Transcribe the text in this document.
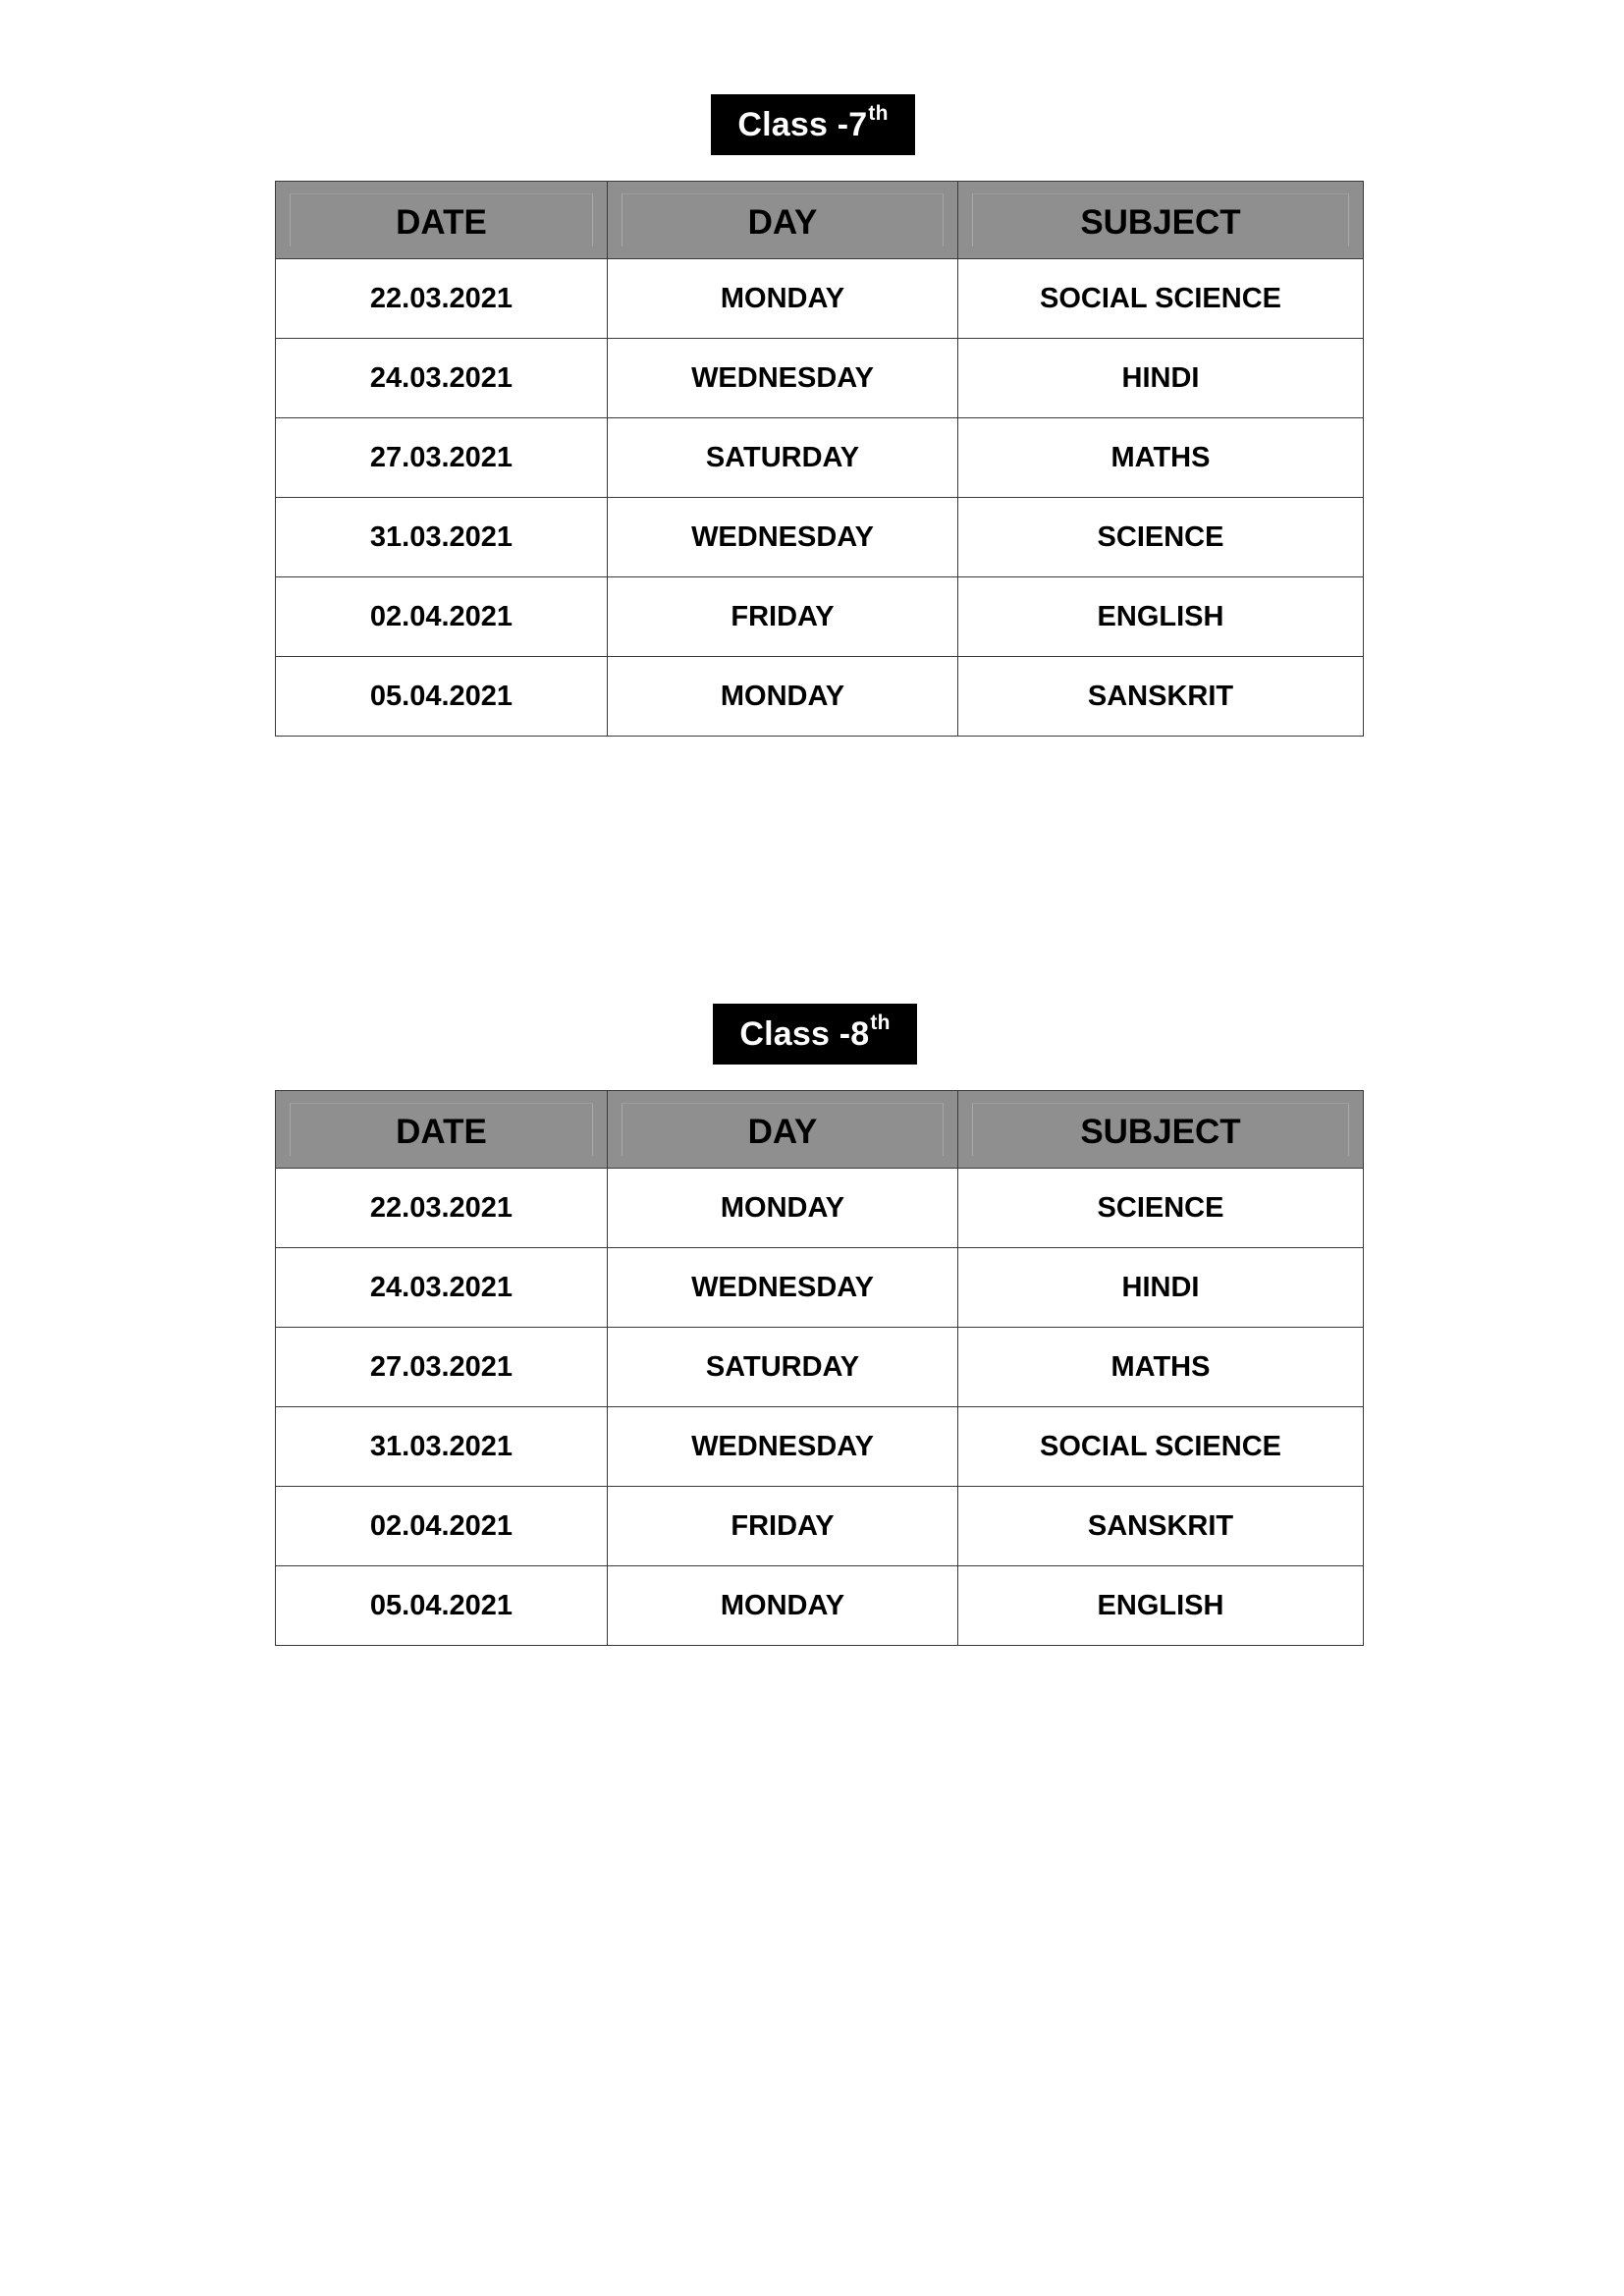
Class -7th
DATE	DAY	SUBJECT
22.03.2021	MONDAY	SOCIAL SCIENCE
24.03.2021	WEDNESDAY	HINDI
27.03.2021	SATURDAY	MATHS
31.03.2021	WEDNESDAY	SCIENCE
02.04.2021	FRIDAY	ENGLISH
05.04.2021	MONDAY	SANSKRIT
Class -8th
DATE	DAY	SUBJECT
22.03.2021	MONDAY	SCIENCE
24.03.2021	WEDNESDAY	HINDI
27.03.2021	SATURDAY	MATHS
31.03.2021	WEDNESDAY	SOCIAL SCIENCE
02.04.2021	FRIDAY	SANSKRIT
05.04.2021	MONDAY	ENGLISH
